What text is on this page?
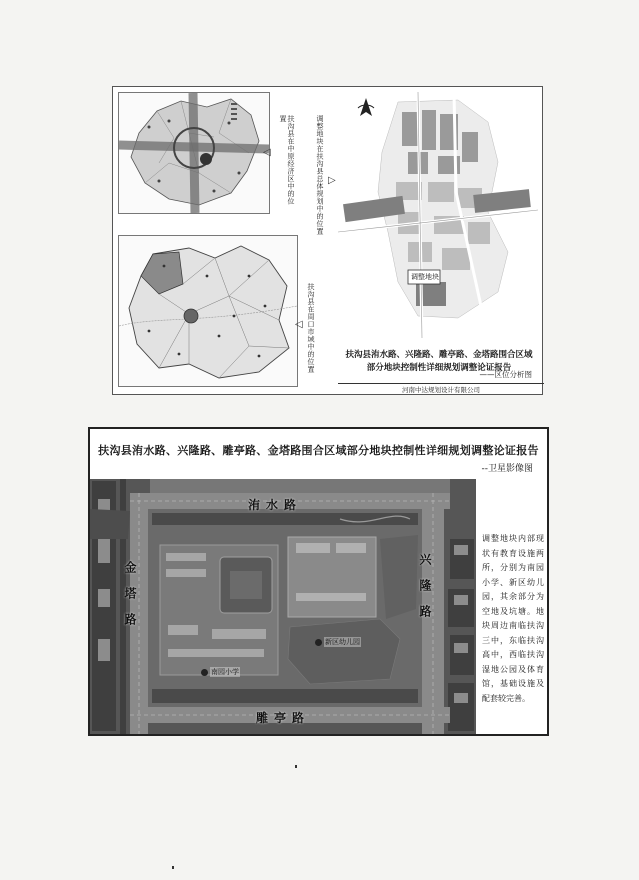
扶沟县在中原经济区中的位置
◁	调整地块在扶沟县总体规划中的位置 ▷
扶沟县在周口市域中的位置
◁
调整地块
扶沟县洧水路、兴隆路、雕亭路、金塔路围合区域
部分地块控制性详细规划调整论证报告
——区位分析图
河南中达规划设计有限公司
扶沟县洧水路、兴隆路、雕亭路、金塔路围合区域部分地块控制性详细规划调整论证报告
--卫星影像图
洧水路
金塔路	兴隆路
雕亭路
南园小学
新区幼儿园
调整地块内部现状有教育设施两所，分别为南园小学、新区幼儿园，其余部分为空地及坑塘。地块周边南临扶沟三中，东临扶沟高中，西临扶沟湿地公园及体育馆，基础设施及配套较完善。
